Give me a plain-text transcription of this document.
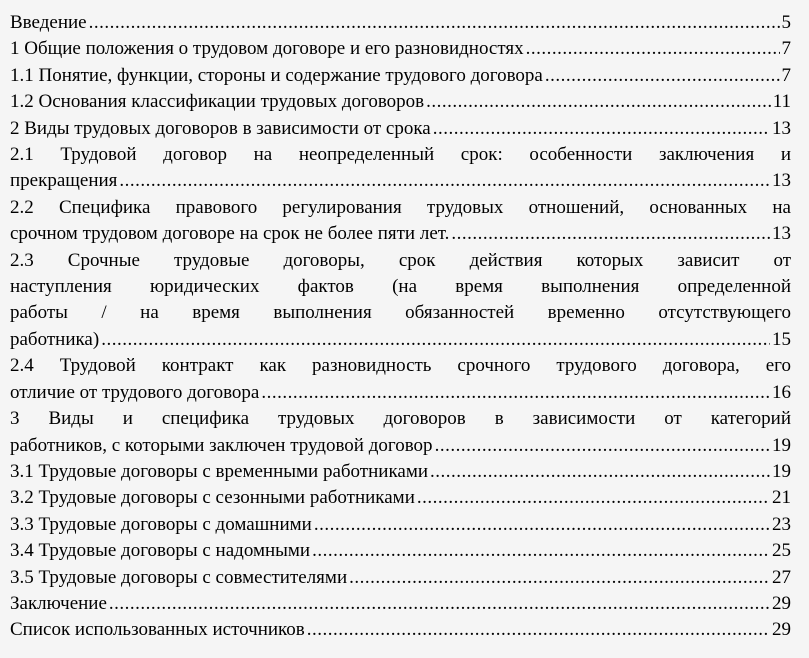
Введение .....	5
1 Общие положения о трудовом договоре и его разновидностях .....	7
1.1 Понятие, функции, стороны и содержание трудового договора .....	7
1.2 Основания классификации трудовых договоров .....	11
2 Виды трудовых договоров в зависимости от срока .....	13
2.1 Трудовой договор на неопределенный срок: особенности заключения и
прекращения .....	13
2.2 Специфика правового регулирования трудовых отношений, основанных на
срочном трудовом договоре на срок не более пяти лет. .....	13
2.3 Срочные трудовые договоры, срок действия которых зависит от
наступления юридических фактов (на время выполнения определенной
работы / на время выполнения обязанностей временно отсутствующего
работника) .....	15
2.4 Трудовой контракт как разновидность срочного трудового договора, его
отличие от трудового договора .....	16
3 Виды и специфика трудовых договоров в зависимости от категорий
работников, с которыми заключен трудовой договор .....	19
3.1 Трудовые договоры с временными работниками .....	19
3.2 Трудовые договоры с сезонными работниками .....	21
3.3 Трудовые договоры с домашними .....	23
3.4 Трудовые договоры с надомными .....	25
3.5 Трудовые договоры с совместителями .....	27
Заключение .....	29
Список использованных источников .....	29
